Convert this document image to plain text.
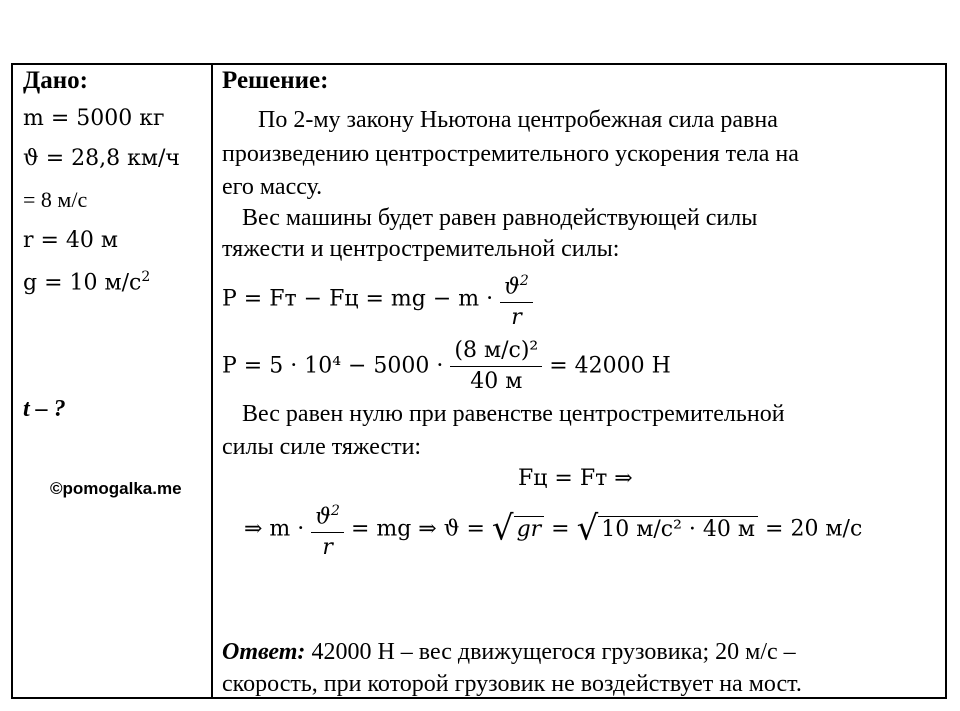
Дано:
m = 5000 кг
ϑ = 28,8 км/ч
= 8 м/с
r = 40 м
g = 10 $м/с^2$
t – ?
©pomogalka.me
Решение:
По 2-му закону Ньютона центробежная сила равна
произведению центростремительного ускорения тела на
его массу.
Вес машины будет равен равнодействующей силы
тяжести и центростремительной силы:
P = Fт − Fц = mg − $m \cdot \frac{ϑ^2}{r}$
$P = 5 \cdot 10^4 - 5000 \cdot \frac{\text{(8 м/с)²}}{40 м} = 42000$ Н
Вес равен нулю при равенстве центростремительной
силы силе тяжести:
Fц = Fт ⇒
⇒ $m \cdot \frac{ϑ^2}{r}$ = mg ⇒ ϑ = √ gr = √ 10 м/с² · 40 м = 20 м/с
Ответ: 42000 Н – вес движущегося грузовика; 20 м/с –
скорость, при которой грузовик не воздействует на мост.
